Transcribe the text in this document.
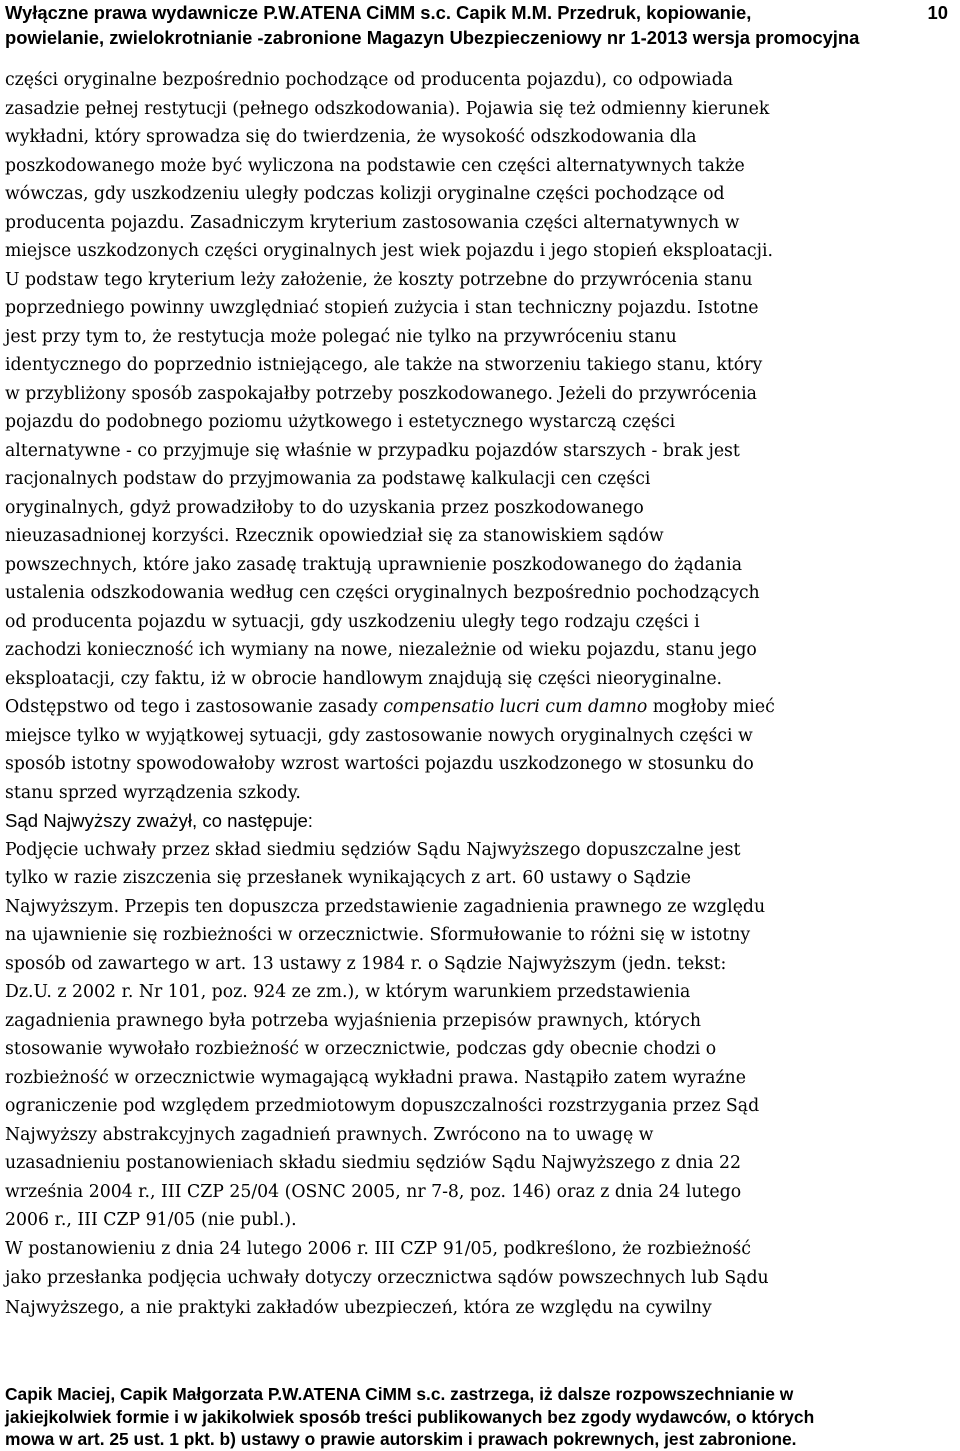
Wyłączne prawa wydawnicze P.W.ATENA CiMM s.c. Capik M.M. Przedruk, kopiowanie,
powielanie, zwielokrotnianie -zabronione Magazyn Ubezpieczeniowy nr 1-2013 wersja promocyjna
10
części oryginalne bezpośrednio pochodzące od producenta pojazdu), co odpowiada
zasadzie pełnej restytucji (pełnego odszkodowania). Pojawia się też odmienny kierunek
wykładni, który sprowadza się do twierdzenia, że wysokość odszkodowania dla
poszkodowanego może być wyliczona na podstawie cen części alternatywnych także
wówczas, gdy uszkodzeniu uległy podczas kolizji oryginalne części pochodzące od
producenta pojazdu. Zasadniczym kryterium zastosowania części alternatywnych w
miejsce uszkodzonych części oryginalnych jest wiek pojazdu i jego stopień eksploatacji.
U podstaw tego kryterium leży założenie, że koszty potrzebne do przywrócenia stanu
poprzedniego powinny uwzględniać stopień zużycia i stan techniczny pojazdu. Istotne
jest przy tym to, że restytucja może polegać nie tylko na przywróceniu stanu
identycznego do poprzednio istniejącego, ale także na stworzeniu takiego stanu, który
w przybliżony sposób zaspokajałby potrzeby poszkodowanego. Jeżeli do przywrócenia
pojazdu do podobnego poziomu użytkowego i estetycznego wystarczą części
alternatywne - co przyjmuje się właśnie w przypadku pojazdów starszych - brak jest
racjonalnych podstaw do przyjmowania za podstawę kalkulacji cen części
oryginalnych, gdyż prowadziłoby to do uzyskania przez poszkodowanego
nieuzasadnionej korzyści. Rzecznik opowiedział się za stanowiskiem sądów
powszechnych, które jako zasadę traktują uprawnienie poszkodowanego do żądania
ustalenia odszkodowania według cen części oryginalnych bezpośrednio pochodzących
od producenta pojazdu w sytuacji, gdy uszkodzeniu uległy tego rodzaju części i
zachodzi konieczność ich wymiany na nowe, niezależnie od wieku pojazdu, stanu jego
eksploatacji, czy faktu, iż w obrocie handlowym znajdują się części nieoryginalne.
Odstępstwo od tego i zastosowanie zasady compensatio lucri cum damno mogłoby mieć
miejsce tylko w wyjątkowej sytuacji, gdy zastosowanie nowych oryginalnych części w
sposób istotny spowodowałoby wzrost wartości pojazdu uszkodzonego w stosunku do
stanu sprzed wyrządzenia szkody.
Sąd Najwyższy zważył, co następuje:
Podjęcie uchwały przez skład siedmiu sędziów Sądu Najwyższego dopuszczalne jest
tylko w razie ziszczenia się przesłanek wynikających z art. 60 ustawy o Sądzie
Najwyższym. Przepis ten dopuszcza przedstawienie zagadnienia prawnego ze względu
na ujawnienie się rozbieżności w orzecznictwie. Sformułowanie to różni się w istotny
sposób od zawartego w art. 13 ustawy z 1984 r. o Sądzie Najwyższym (jedn. tekst:
Dz.U. z 2002 r. Nr 101, poz. 924 ze zm.), w którym warunkiem przedstawienia
zagadnienia prawnego była potrzeba wyjaśnienia przepisów prawnych, których
stosowanie wywołało rozbieżność w orzecznictwie, podczas gdy obecnie chodzi o
rozbieżność w orzecznictwie wymagającą wykładni prawa. Nastąpiło zatem wyraźne
ograniczenie pod względem przedmiotowym dopuszczalności rozstrzygania przez Sąd
Najwyższy abstrakcyjnych zagadnień prawnych. Zwrócono na to uwagę w
uzasadnieniu postanowieniach składu siedmiu sędziów Sądu Najwyższego z dnia 22
września 2004 r., III CZP 25/04 (OSNC 2005, nr 7-8, poz. 146) oraz z dnia 24 lutego
2006 r., III CZP 91/05 (nie publ.).
W postanowieniu z dnia 24 lutego 2006 r. III CZP 91/05, podkreślono, że rozbieżność
jako przesłanka podjęcia uchwały dotyczy orzecznictwa sądów powszechnych lub Sądu
Najwyższego, a nie praktyki zakładów ubezpieczeń, która ze względu na cywilny
Capik Maciej, Capik Małgorzata P.W.ATENA CiMM s.c. zastrzega, iż dalsze rozpowszechnianie w
jakiejkolwiek formie i w jakikolwiek sposób treści publikowanych bez zgody wydawców, o których
mowa w art. 25 ust. 1 pkt. b) ustawy o prawie autorskim i prawach pokrewnych, jest zabronione.
